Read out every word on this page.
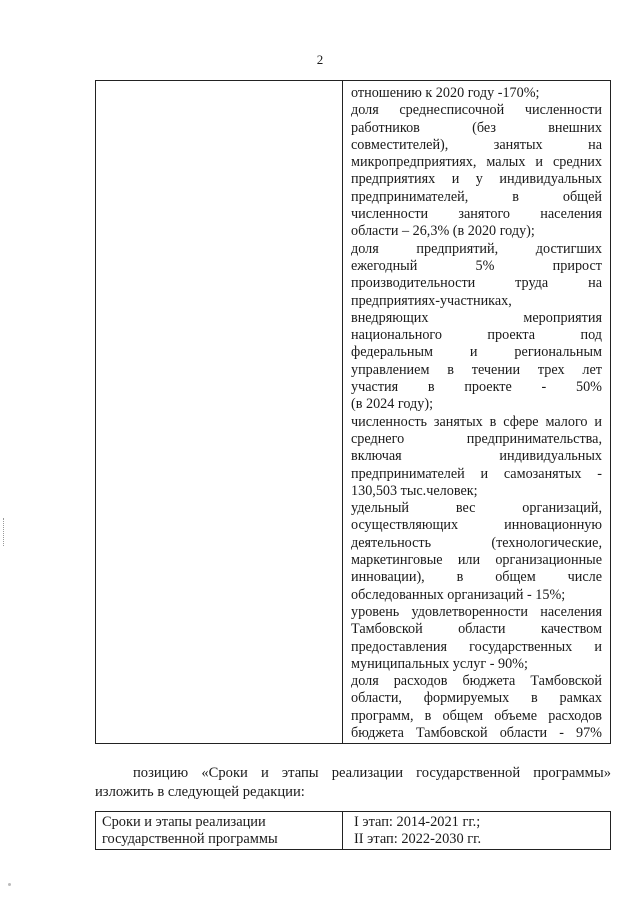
2
отношению к 2020 году -170%;
доля среднесписочной численности
работников (без внешних
совместителей), занятых на
микропредприятиях, малых и средних
предприятиях и у индивидуальных
предпринимателей, в общей
численности занятого населения
области – 26,3% (в 2020 году);
доля предприятий, достигших
ежегодный 5% прирост
производительности труда на
предприятиях-участниках,
внедряющих мероприятия
национального проекта под
федеральным и региональным
управлением в течении трех лет
участия в проекте - 50%
(в 2024 году);
численность занятых в сфере малого и
среднего предпринимательства,
включая индивидуальных
предпринимателей и самозанятых -
130,503 тыс.человек;
удельный вес организаций,
осуществляющих инновационную
деятельность (технологические,
маркетинговые или организационные
инновации), в общем числе
обследованных организаций - 15%;
уровень удовлетворенности населения
Тамбовской области качеством
предоставления государственных и
муниципальных услуг - 90%;
доля расходов бюджета Тамбовской
области, формируемых в рамках
программ, в общем объеме расходов
бюджета Тамбовской области - 97%
позицию «Сроки и этапы реализации государственной программы»
изложить в следующей редакции:
Сроки и этапы реализации
государственной программы
I этап: 2014-2021 гг.;
II этап: 2022-2030 гг.
